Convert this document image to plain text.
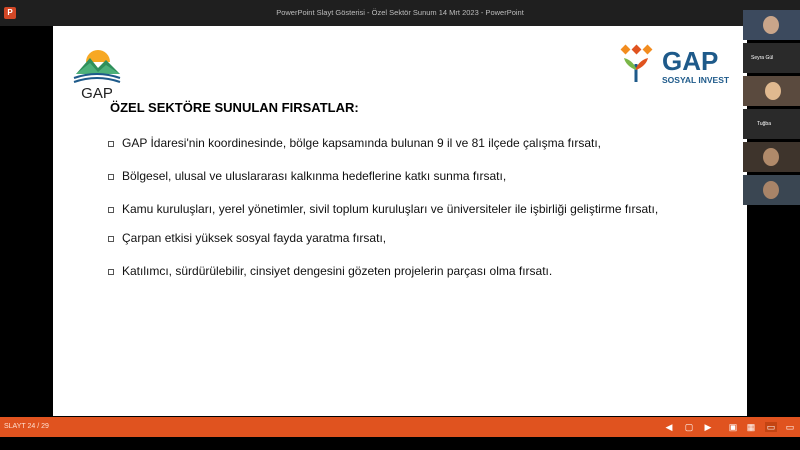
P	PowerPoint Slayt Gösterisi - Özel Sektör Sunum 14 Mrt 2023 - PowerPoint
GAP
GAP
SOSYAL INVEST
ÖZEL SEKTÖRE SUNULAN FIRSATLAR:
GAP İdaresi'nin koordinesinde, bölge kapsamında bulunan 9 il ve 81 ilçede çalışma fırsatı,
Bölgesel, ulusal ve uluslararası kalkınma hedeflerine katkı sunma fırsatı,
Kamu kuruluşları, yerel yönetimler, sivil toplum kuruluşları ve üniversiteler ile işbirliği geliştirme fırsatı,
Çarpan etkisi yüksek sosyal fayda yaratma fırsatı,
Katılımcı, sürdürülebilir, cinsiyet dengesini gözeten projelerin parçası olma fırsatı.
Seyra Gül
Tuğba
SLAYT 24 / 29	◀ ▢ ▶ ▣ ▦ ▭ ▭
